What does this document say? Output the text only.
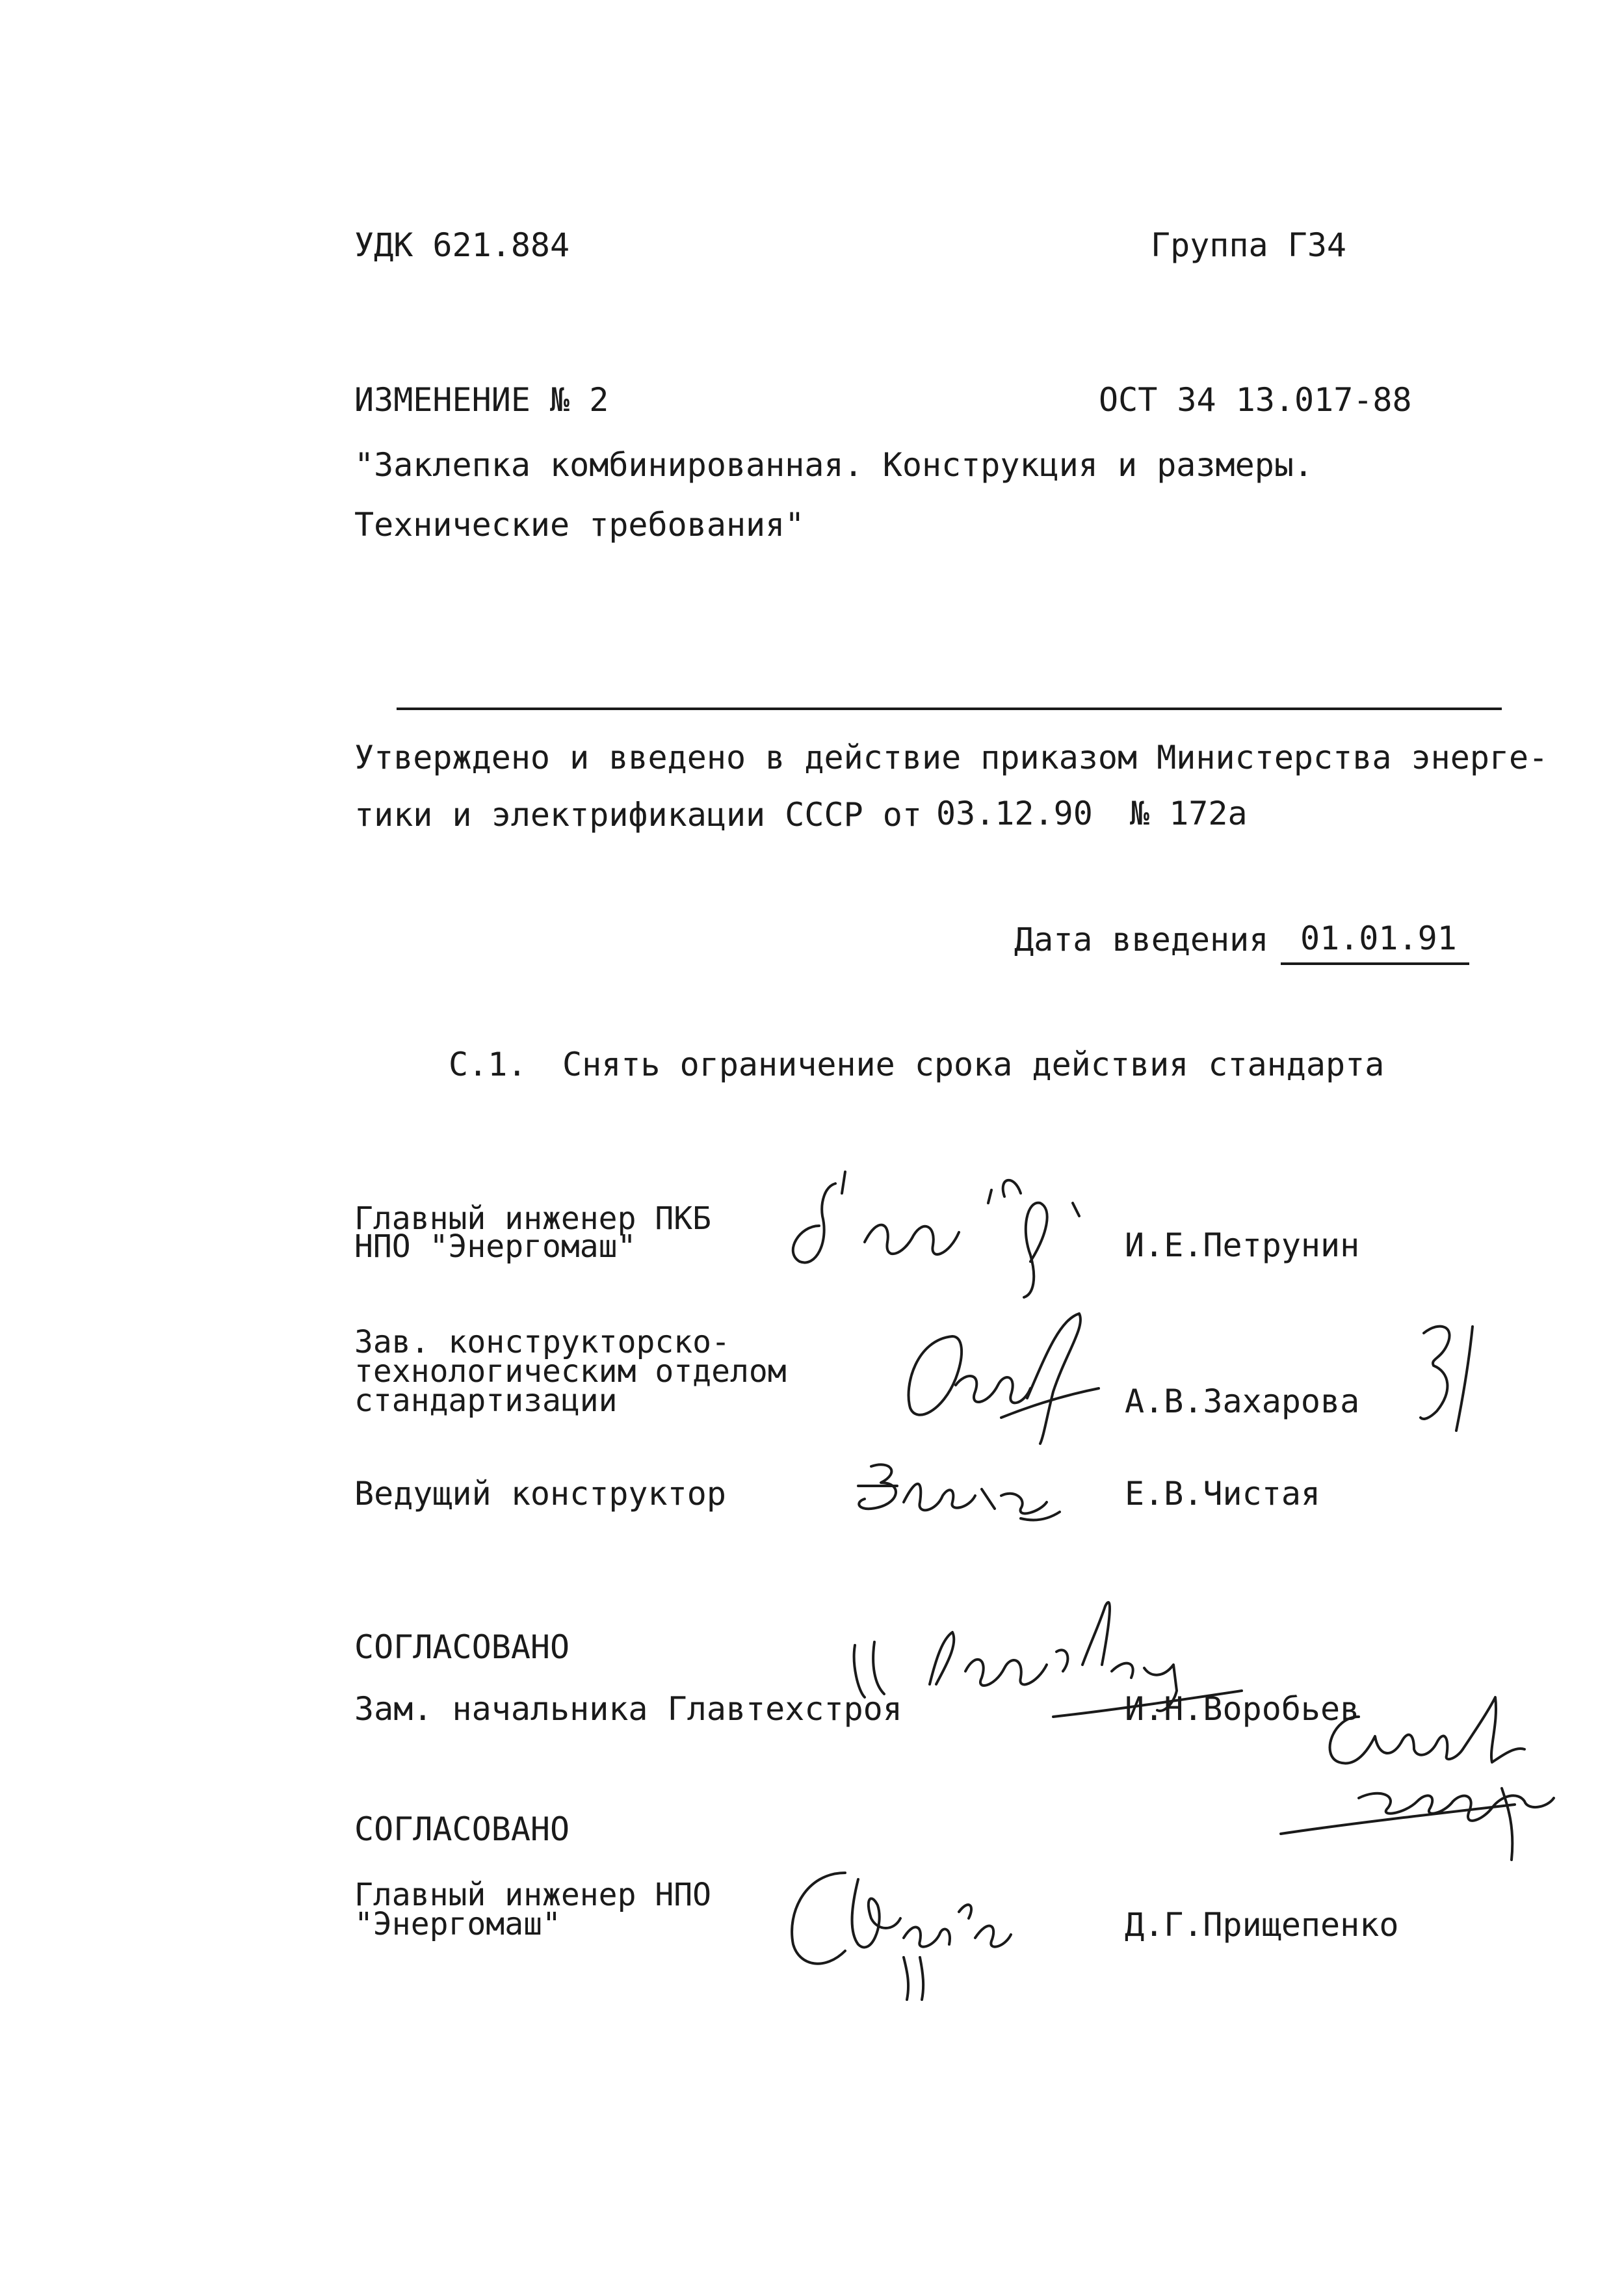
УДК 621.884	Группа Г34
ИЗМЕНЕНИЕ № 2	ОСТ 34 13.017-88
"Заклепка комбинированная. Конструкция и размеры.
Технические требования"
Утверждено и введено в действие приказом Министерства энерге-
тики и электрификации СССР от 03.12.90 № 172а
Дата введения 01.01.91
С.1. Снять ограничение срока действия стандарта
Главный инженер ПКБ
НПО "Энергомаш"	И.Е.Петрунин
Зав. конструкторско-
технологическим отделом
стандартизации	А.В.Захарова
Ведущий конструктор	Е.В.Чистая
СОГЛАСОВАНО
Зам. начальника Главтехстроя	И.Н.Воробьев
СОГЛАСОВАНО
Главный инженер НПО
"Энергомаш"	Д.Г.Прищепенко
